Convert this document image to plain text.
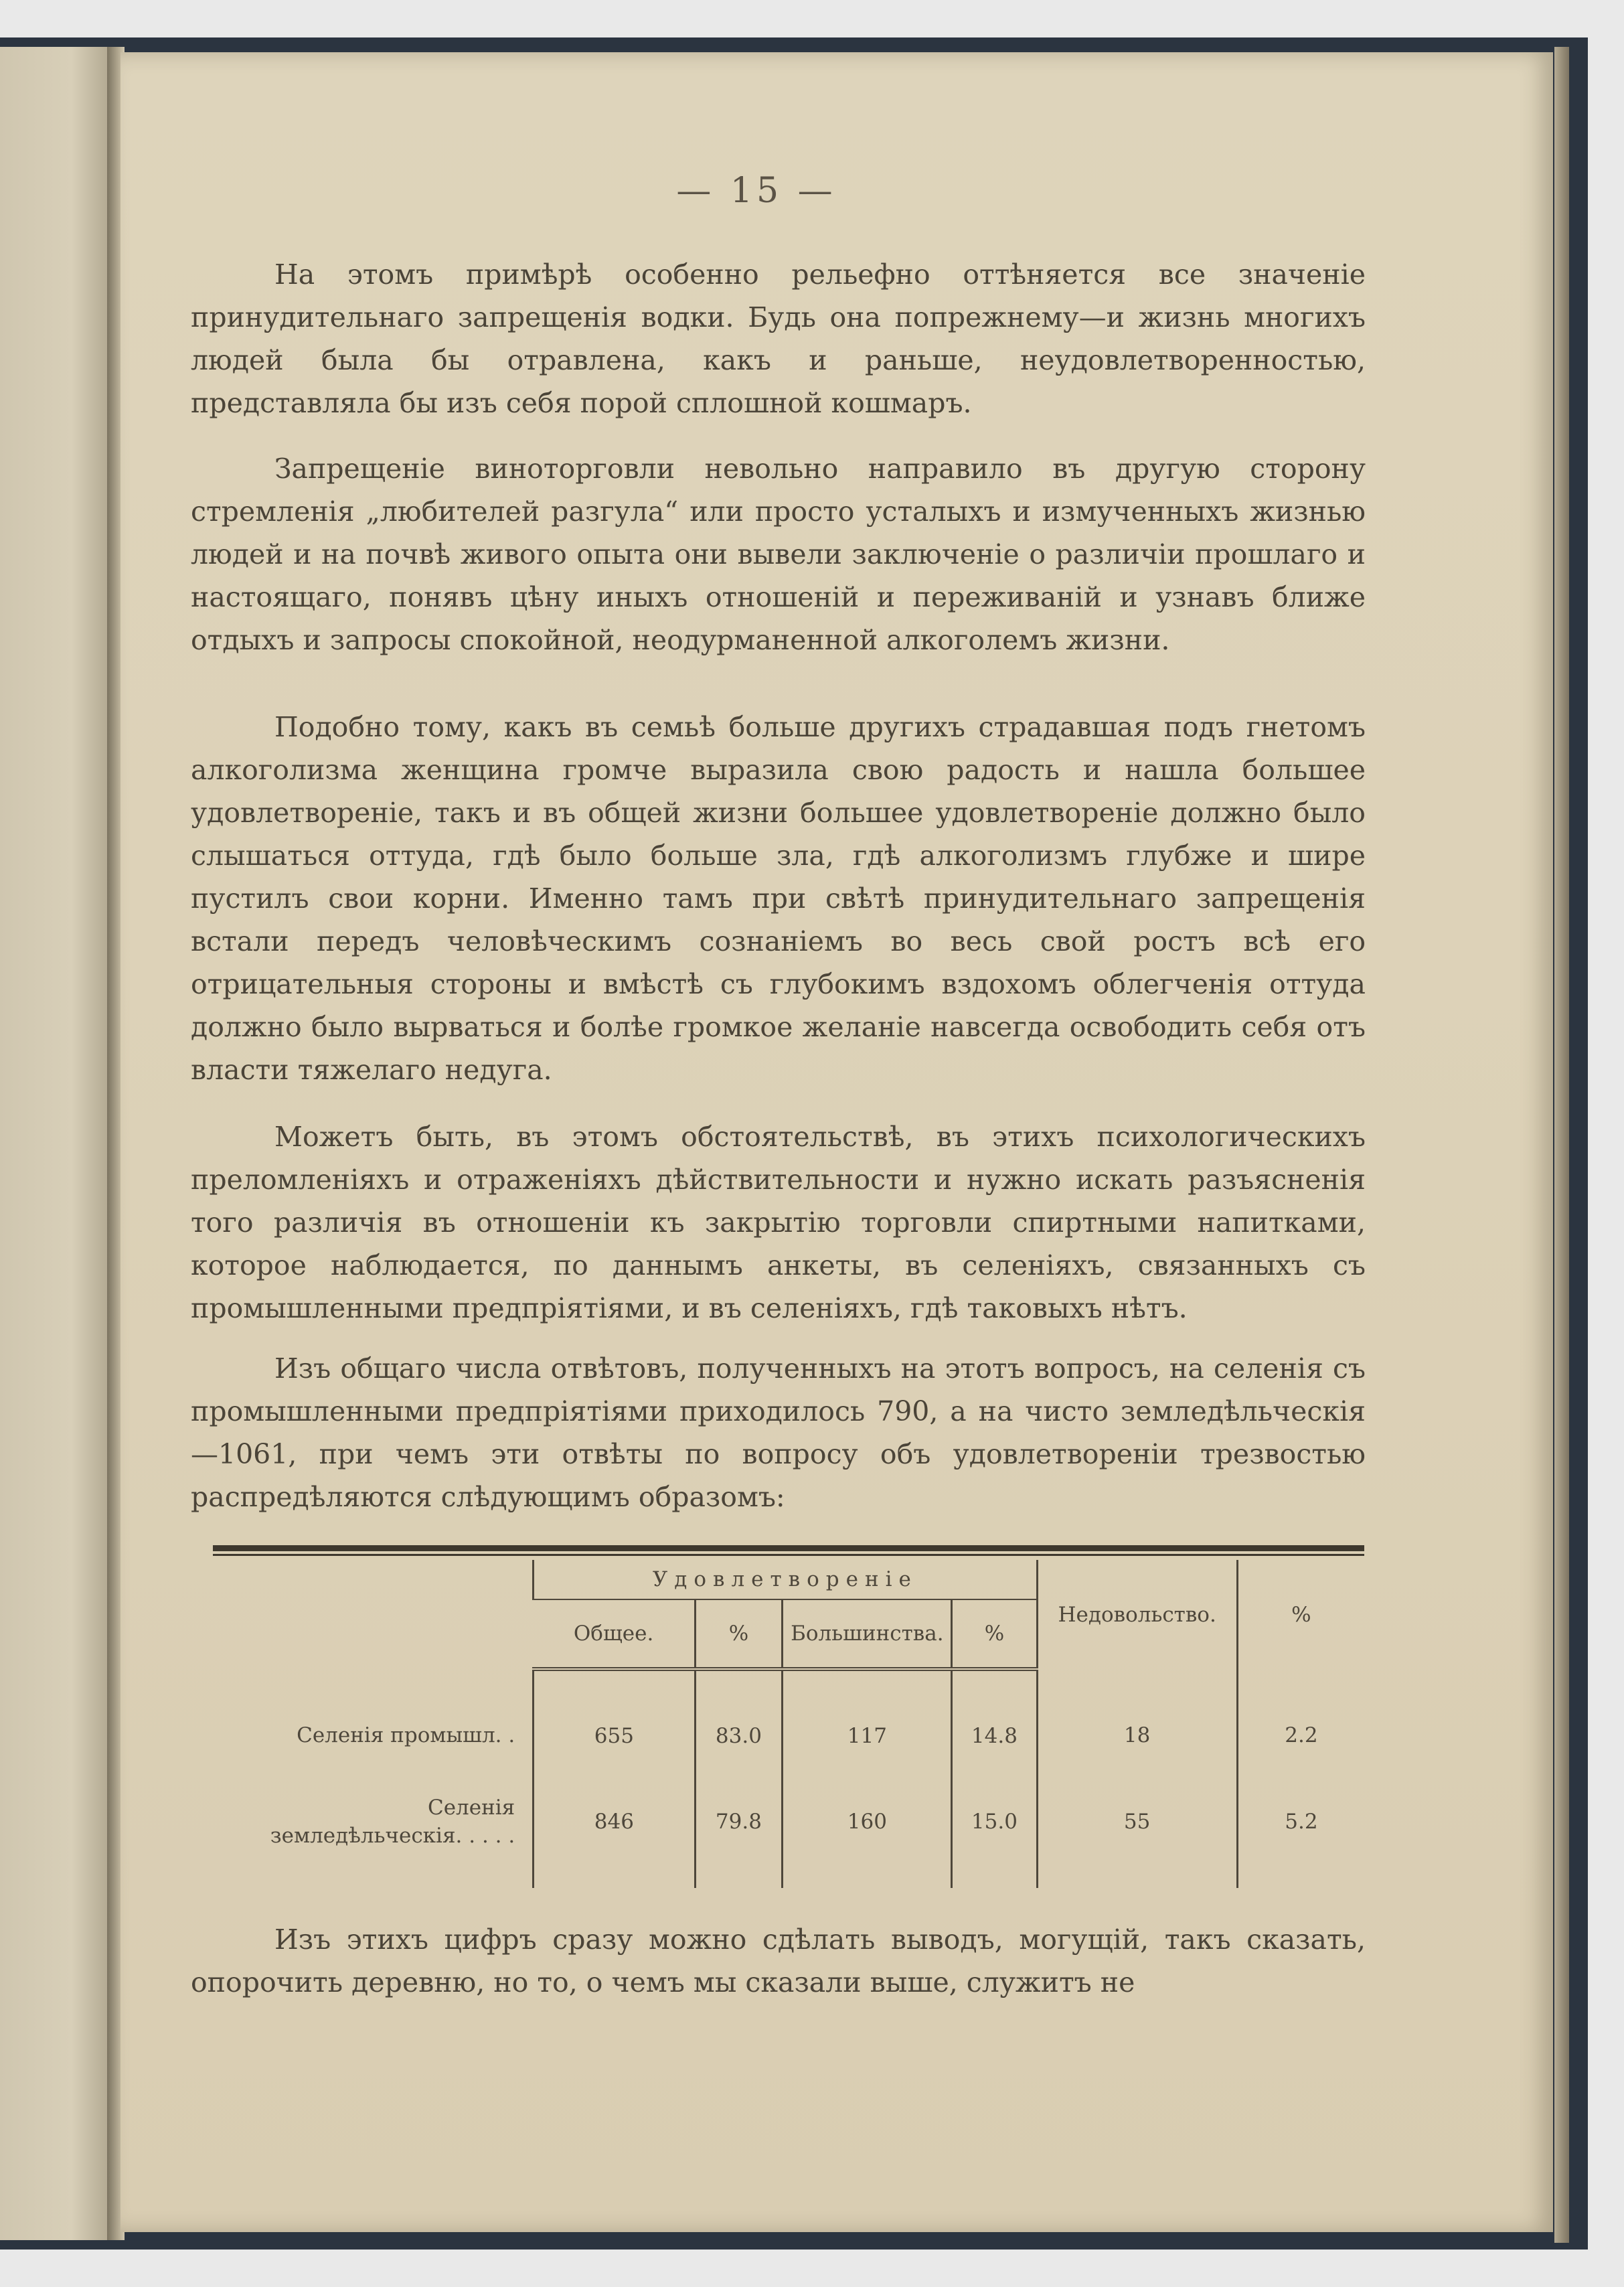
— 15 —

На этомъ примѣрѣ особенно рельефно оттѣняется все значеніе принудительнаго запрещенія водки. Будь она попрежнему—и жизнь многихъ людей была бы отравлена, какъ и раньше, неудовлетворенностью, представляла бы изъ себя порой сплошной кошмаръ.

Запрещеніе виноторговли невольно направило въ другую сторону стремленія „любителей разгула“ или просто усталыхъ и измученныхъ жизнью людей и на почвѣ живого опыта они вывели заключеніе о различіи прошлаго и настоящаго, понявъ цѣну иныхъ отношеній и переживаній и узнавъ ближе отдыхъ и запросы спокойной, неодурманенной алкоголемъ жизни.

Подобно тому, какъ въ семьѣ больше другихъ страдавшая подъ гнетомъ алкоголизма женщина громче выразила свою радость и нашла большее удовлетвореніе, такъ и въ общей жизни большее удовлетвореніе должно было слышаться оттуда, гдѣ было больше зла, гдѣ алкоголизмъ глубже и шире пустилъ свои корни. Именно тамъ при свѣтѣ принудительнаго запрещенія встали передъ человѣческимъ сознаніемъ во весь свой ростъ всѣ его отрицательныя стороны и вмѣстѣ съ глубокимъ вздохомъ облегченія оттуда должно было вырваться и болѣе громкое желаніе навсегда освободить себя отъ власти тяжелаго недуга.

Можетъ быть, въ этомъ обстоятельствѣ, въ этихъ психологическихъ преломленіяхъ и отраженіяхъ дѣйствительности и нужно искать разъясненія того различія въ отношеніи къ закрытію торговли спиртными напитками, которое наблюдается, по даннымъ анкеты, въ селеніяхъ, связанныхъ съ промышленными предпріятіями, и въ селеніяхъ, гдѣ таковыхъ нѣтъ.

Изъ общаго числа отвѣтовъ, полученныхъ на этотъ вопросъ, на селенія съ промышленными предпріятіями приходилось 790, а на чисто земледѣльческія—1061, при чемъ эти отвѣты по вопросу объ удовлетвореніи трезвостью распредѣляются слѣдующимъ образомъ:

	Удовлетвореніе				Недовольство.	%
	Общее.	%	Большинства.	%		
Селенія промышл. .	655	83.0	117	14.8	18	2.2
Селенія земледѣльческія. . . . .	846	79.8	160	15.0	55	5.2

Изъ этихъ цифръ сразу можно сдѣлать выводъ, могущій, такъ сказать, опорочить деревню, но то, о чемъ мы сказали выше, служитъ не
